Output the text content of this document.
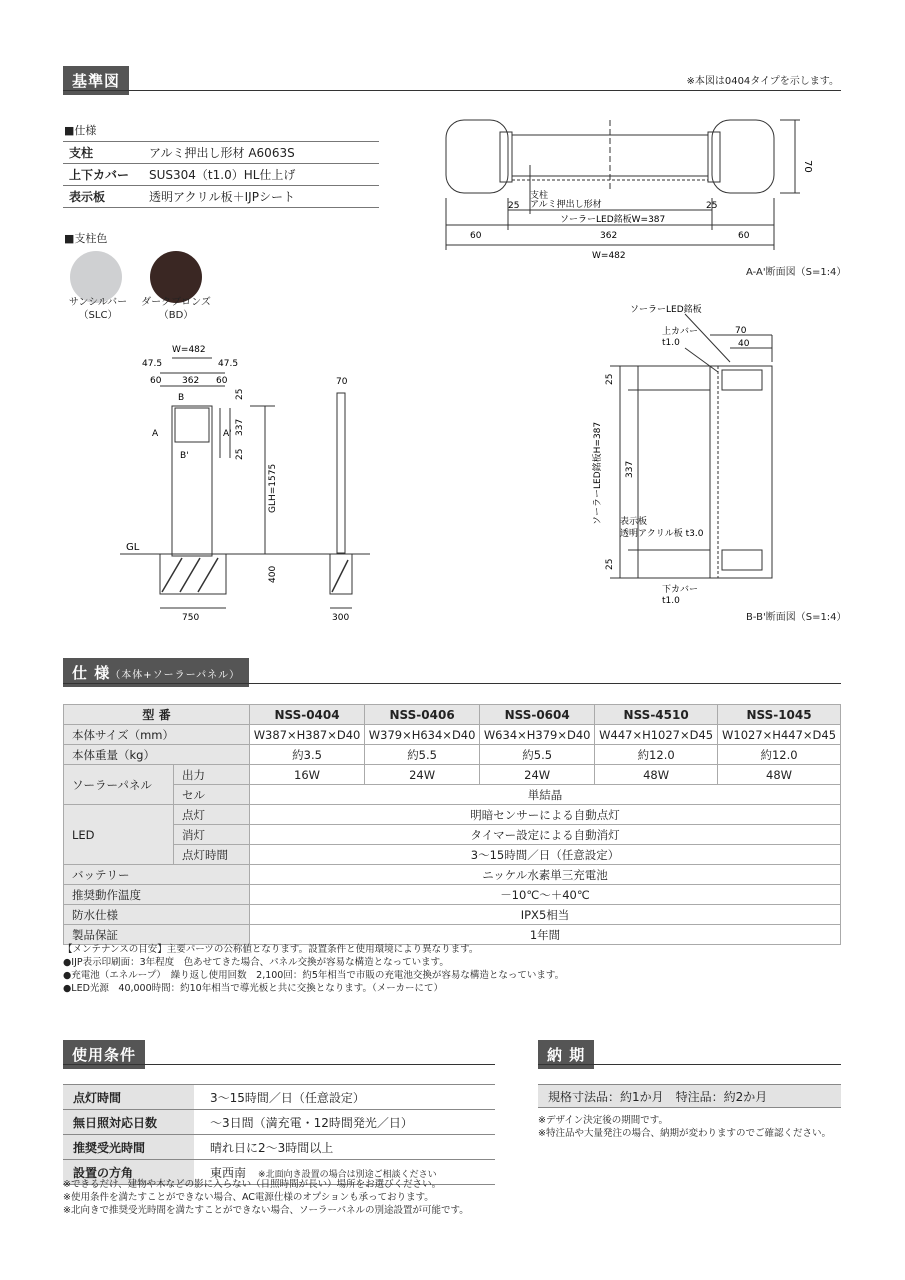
基準図	※本図は0404タイプを示します。
■仕様
支柱	アルミ押出し形材 A6063S
上下カバー	SUS304（t1.0）HL仕上げ
表示板	透明アクリル板＋IJPシート
■支柱色
サンシルバー
（SLC）
ダークブロンズ
（BD）
70
支柱
アルミ押出し形材
25	25
ソーラーLED銘板W=387
60	362	60
W=482
A-A'断面図（S=1:4）
W=482
47.5	47.5
60 362 60
B
B'
A	A'
25
337
25
GLH=1575
GL
400
750
70
300
ソーラーLED銘板
上カバー
t1.0
70
40
25
ソーラーLED銘板H=387 337
25
表示板
透明アクリル板 t3.0
下カバー
t1.0
B-B'断面図（S=1:4）
仕 様（本体+ソーラーパネル）
型 番		NSS-0404	NSS-0406	NSS-0604	NSS-4510	NSS-1045
本体サイズ（mm）		W387×H387×D40	W379×H634×D40	W634×H379×D40	W447×H1027×D45	W1027×H447×D45
本体重量（kg）		約3.5	約5.5	約5.5	約12.0	約12.0
ソーラーパネル	出力	16W	24W	24W	48W	48W
	セル	単結晶				
LED	点灯	明暗センサーによる自動点灯				
	消灯	タイマー設定による自動消灯				
	点灯時間	3～15時間／日（任意設定）				
バッテリー		ニッケル水素単三充電池				
推奨動作温度		－10℃～＋40℃				
防水仕様		IPX5相当				
製品保証		1年間				
【メンテナンスの目安】主要パーツの公称値となります。設置条件と使用環境により異なります。
●IJP表示印刷面：3年程度　色あせてきた場合、パネル交換が容易な構造となっています。
●充電池（エネループ）　繰り返し使用回数　2,100回：約5年相当で市販の充電池交換が容易な構造となっています。
●LED光源　40,000時間：約10年相当で導光板と共に交換となります。（メーカーにて）
使用条件
点灯時間	3～15時間／日（任意設定）
無日照対応日数	～3日間（満充電・12時間発光／日）
推奨受光時間	晴れ日に2～3時間以上
設置の方角	東西南　 ※北面向き設置の場合は別途ご相談ください
※できるだけ、建物や木などの影に入らない（日照時間が長い）場所をお選びください。
※使用条件を満たすことができない場合、AC電源仕様のオプションも承っております。
※北向きで推奨受光時間を満たすことができない場合、ソーラーパネルの別途設置が可能です。
納 期
規格寸法品：約1か月　特注品：約2か月
※デザイン決定後の期間です。
※特注品や大量発注の場合、納期が変わりますのでご確認ください。
